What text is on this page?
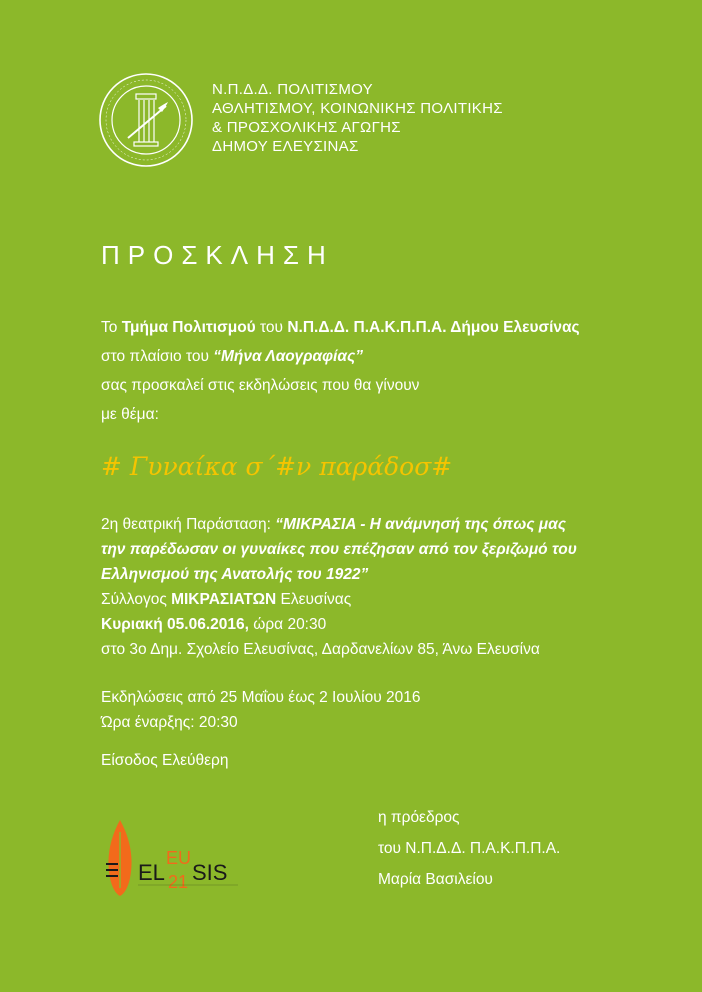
Ν.Π.Δ.Δ. ΠΟΛΙΤΙΣΜΟΥ
ΑΘΛΗΤΙΣΜΟΥ, ΚΟΙΝΩΝΙΚΗΣ ΠΟΛΙΤΙΚΗΣ
& ΠΡΟΣΧΟΛΙΚΗΣ ΑΓΩΓΗΣ
ΔΗΜΟΥ ΕΛΕΥΣΙΝΑΣ
ΠΡΟΣΚΛΗΣΗ
Το Τμήμα Πολιτισμού του Ν.Π.Δ.Δ. Π.Α.Κ.Π.Π.Α. Δήμου Ελευσίνας
στο πλαίσιο του “Μήνα Λαογραφίας”
σας προσκαλεί στις εκδηλώσεις που θα γίνουν
με θέμα:
# Γυναίκα σ΄#ν παράδοσ#
2η θεατρική Παράσταση: “ΜΙΚΡΑΣΙΑ - Η ανάμνησή της όπως μας
την παρέδωσαν οι γυναίκες που επέζησαν από τον ξεριζωμό του
Ελληνισμού της Ανατολής του 1922”
Σύλλογος ΜΙΚΡΑΣΙΑΤΩΝ Ελευσίνας
Κυριακή 05.06.2016, ώρα 20:30
στο 3ο Δημ. Σχολείο Ελευσίνας, Δαρδανελίων 85, Άνω Ελευσίνα
Εκδηλώσεις από 25 Μαΐου έως 2 Ιουλίου 2016
Ώρα έναρξης: 20:30
Είσοδος Ελεύθερη
η πρόεδρος
του Ν.Π.Δ.Δ. Π.Α.Κ.Π.Π.Α.
Μαρία Βασιλείου
EL
EU
21 SIS
